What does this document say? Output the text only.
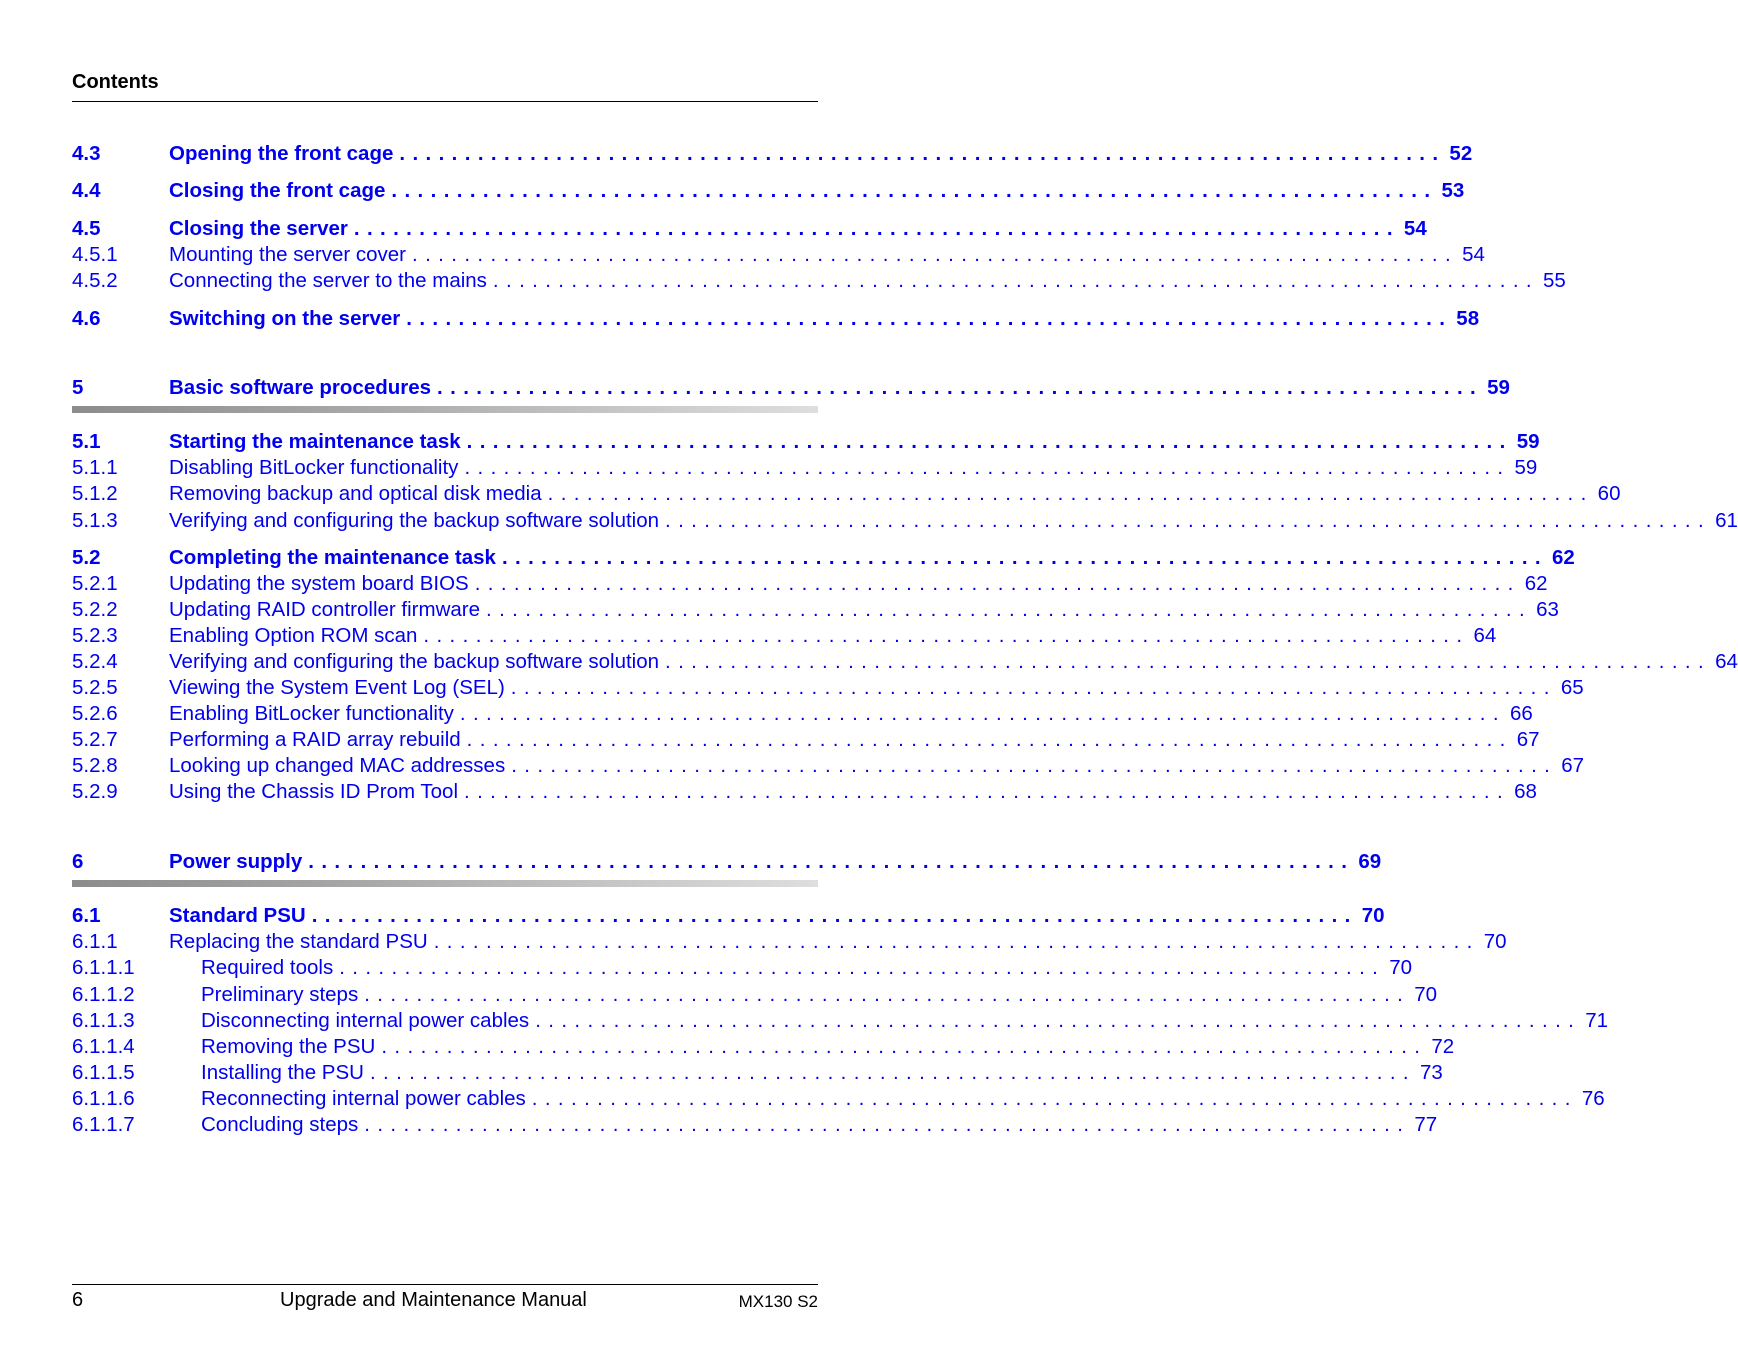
Contents
4.3	Opening the front cage ................................................................................ 52
4.4	Closing the front cage ................................................................................ 53
4.5	Closing the server ................................................................................ 54
4.5.1	Mounting the server cover ................................................................................ 54
4.5.2	Connecting the server to the mains ................................................................................ 55
4.6	Switching on the server ................................................................................ 58
5	Basic software procedures ................................................................................ 59
5.1	Starting the maintenance task ................................................................................ 59
5.1.1	Disabling BitLocker functionality ................................................................................ 59
5.1.2	Removing backup and optical disk media ................................................................................ 60
5.1.3	Verifying and configuring the backup software solution ................................................................................ 61
5.2	Completing the maintenance task ................................................................................ 62
5.2.1	Updating the system board BIOS ................................................................................ 62
5.2.2	Updating RAID controller firmware ................................................................................ 63
5.2.3	Enabling Option ROM scan ................................................................................ 64
5.2.4	Verifying and configuring the backup software solution ................................................................................ 64
5.2.5	Viewing the System Event Log (SEL) ................................................................................ 65
5.2.6	Enabling BitLocker functionality ................................................................................ 66
5.2.7	Performing a RAID array rebuild ................................................................................ 67
5.2.8	Looking up changed MAC addresses ................................................................................ 67
5.2.9	Using the Chassis ID Prom Tool ................................................................................ 68
6	Power supply ................................................................................ 69
6.1	Standard PSU ................................................................................ 70
6.1.1	Replacing the standard PSU ................................................................................ 70
6.1.1.1	Required tools ................................................................................ 70
6.1.1.2	Preliminary steps ................................................................................ 70
6.1.1.3	Disconnecting internal power cables ................................................................................ 71
6.1.1.4	Removing the PSU ................................................................................ 72
6.1.1.5	Installing the PSU ................................................................................ 73
6.1.1.6	Reconnecting internal power cables ................................................................................ 76
6.1.1.7	Concluding steps ................................................................................ 77
6	Upgrade and Maintenance Manual	MX130 S2
